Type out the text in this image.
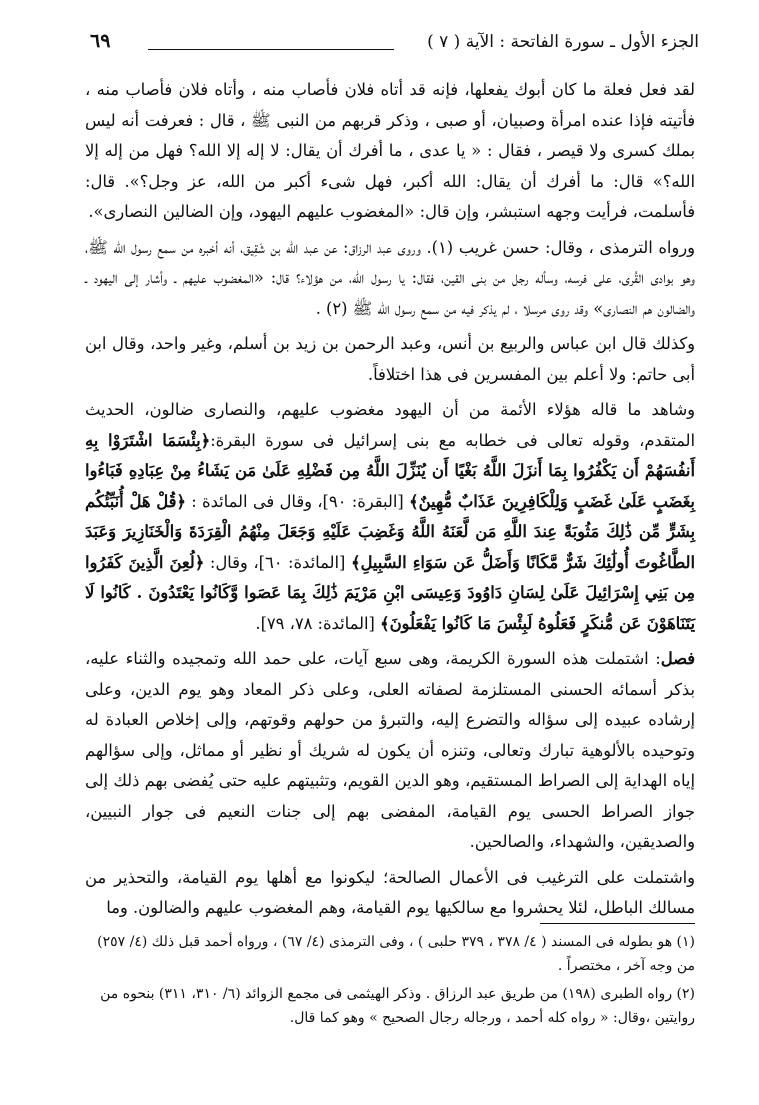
الجزء الأول ـ سورة الفاتحة : الآية ( ٧ )
٦٩

لقد فعل فعلة ما كان أبوك يفعلها، فإنه قد أتاه فلان فأصاب منه ، وأتاه فلان فأصاب منه ، فأتيته فإذا عنده امرأة وصبيان، أو صبى ، وذكر قربهم من النبى ﷺ ، قال : فعرفت أنه ليس بملك كسرى ولا قيصر ، فقال : « يا عدى ، ما أفرك أن يقال: لا إله إلا الله؟ فهل من إله إلا الله؟» قال: ما أفرك أن يقال: الله أكبر، فهل شىء أكبر من الله، عز وجل؟». قال: فأسلمت، فرأيت وجهه استبشر، وإن قال: «المغضوب عليهم اليهود، وإن الضالين النصارى».

ورواه الترمذى ، وقال: حسن غريب (١). وروى عبد الرزاق: عن عبد الله بن شَقِيق، أنه أخبره من سمع رسول الله ﷺ، وهو بوادى القُرى، على فرسه، وسأله رجل من بنى القين، فقال: يا رسول الله، من هؤلاء؟ قال: «المغضوب عليهم ـ وأشار إلى اليهود ـ والضالون هم النصارى» وقد روى مرسلا ، لم يذكر فيه من سمع رسول الله ﷺ (٢) .

وكذلك قال ابن عباس والربيع بن أنس، وعبد الرحمن بن زيد بن أسلم، وغير واحد، وقال ابن أبى حاتم: ولا أعلم بين المفسرين فى هذا اختلافاً.

وشاهد ما قاله هؤلاء الأئمة من أن اليهود مغضوب عليهم، والنصارى ضالون، الحديث المتقدم، وقوله تعالى فى خطابه مع بنى إسرائيل فى سورة البقرة:﴿بِئْسَمَا اشْتَرَوْا بِهِ أَنفُسَهُمْ أَن يَكْفُرُوا بِمَا أَنزَلَ اللَّهُ بَغْيًا أَن يُنَزِّلَ اللَّهُ مِن فَضْلِهِ عَلَىٰ مَن يَشَاءُ مِنْ عِبَادِهِ فَبَاءُوا بِغَضَبٍ عَلَىٰ غَضَبٍ وَلِلْكَافِرِينَ عَذَابٌ مُّهِينٌ﴾ [البقرة: ٩٠]، وقال فى المائدة : ﴿قُلْ هَلْ أُنَبِّئُكُم بِشَرٍّ مِّن ذَٰلِكَ مَثُوبَةً عِندَ اللَّهِ مَن لَّعَنَهُ اللَّهُ وَغَضِبَ عَلَيْهِ وَجَعَلَ مِنْهُمُ الْقِرَدَةَ وَالْخَنَازِيرَ وَعَبَدَ الطَّاغُوتَ أُولَٰئِكَ شَرٌّ مَّكَانًا وَأَضَلُّ عَن سَوَاءِ السَّبِيلِ﴾ [المائدة: ٦٠]، وقال: ﴿لُعِنَ الَّذِينَ كَفَرُوا مِن بَنِي إِسْرَائِيلَ عَلَىٰ لِسَانِ دَاوُودَ وَعِيسَى ابْنِ مَرْيَمَ ذَٰلِكَ بِمَا عَصَوا وَّكَانُوا يَعْتَدُونَ . كَانُوا لَا يَتَنَاهَوْنَ عَن مُّنكَرٍ فَعَلُوهُ لَبِئْسَ مَا كَانُوا يَفْعَلُونَ﴾ [المائدة: ٧٨، ٧٩].

فصل: اشتملت هذه السورة الكريمة، وهى سبع آيات، على حمد الله وتمجيده والثناء عليه، بذكر أسمائه الحسنى المستلزمة لصفاته العلى، وعلى ذكر المعاد وهو يوم الدين، وعلى إرشاده عبيده إلى سؤاله والتضرع إليه، والتبرؤ من حولهم وقوتهم، وإلى إخلاص العبادة له وتوحيده بالألوهية تبارك وتعالى، وتنزه أن يكون له شريك أو نظير أو مماثل، وإلى سؤالهم إياه الهداية إلى الصراط المستقيم، وهو الدين القويم، وتثبيتهم عليه حتى يُفضى بهم ذلك إلى جواز الصراط الحسى يوم القيامة، المفضى بهم إلى جنات النعيم فى جوار النبيين، والصديقين، والشهداء، والصالحين.

واشتملت على الترغيب فى الأعمال الصالحة؛ ليكونوا مع أهلها يوم القيامة، والتحذير من مسالك الباطل، لئلا يحشروا مع سالكيها يوم القيامة، وهم المغضوب عليهم والضالون. وما

(١) هو بطوله فى المسند ( ٤/ ٣٧٨ ، ٣٧٩ حلبى ) ، وفى الترمذى (٤/ ٦٧) ، ورواه أحمد قبل ذلك (٤/ ٢٥٧) من وجه آخر ، مختصراً .

(٢) رواه الطبرى (١٩٨) من طريق عبد الرزاق . وذكر الهيثمى فى مجمع الزوائد (٦/ ٣١٠، ٣١١) بنحوه من روايتين ،وقال: « رواه كله أحمد ، ورجاله رجال الصحيح » وهو كما قال.
